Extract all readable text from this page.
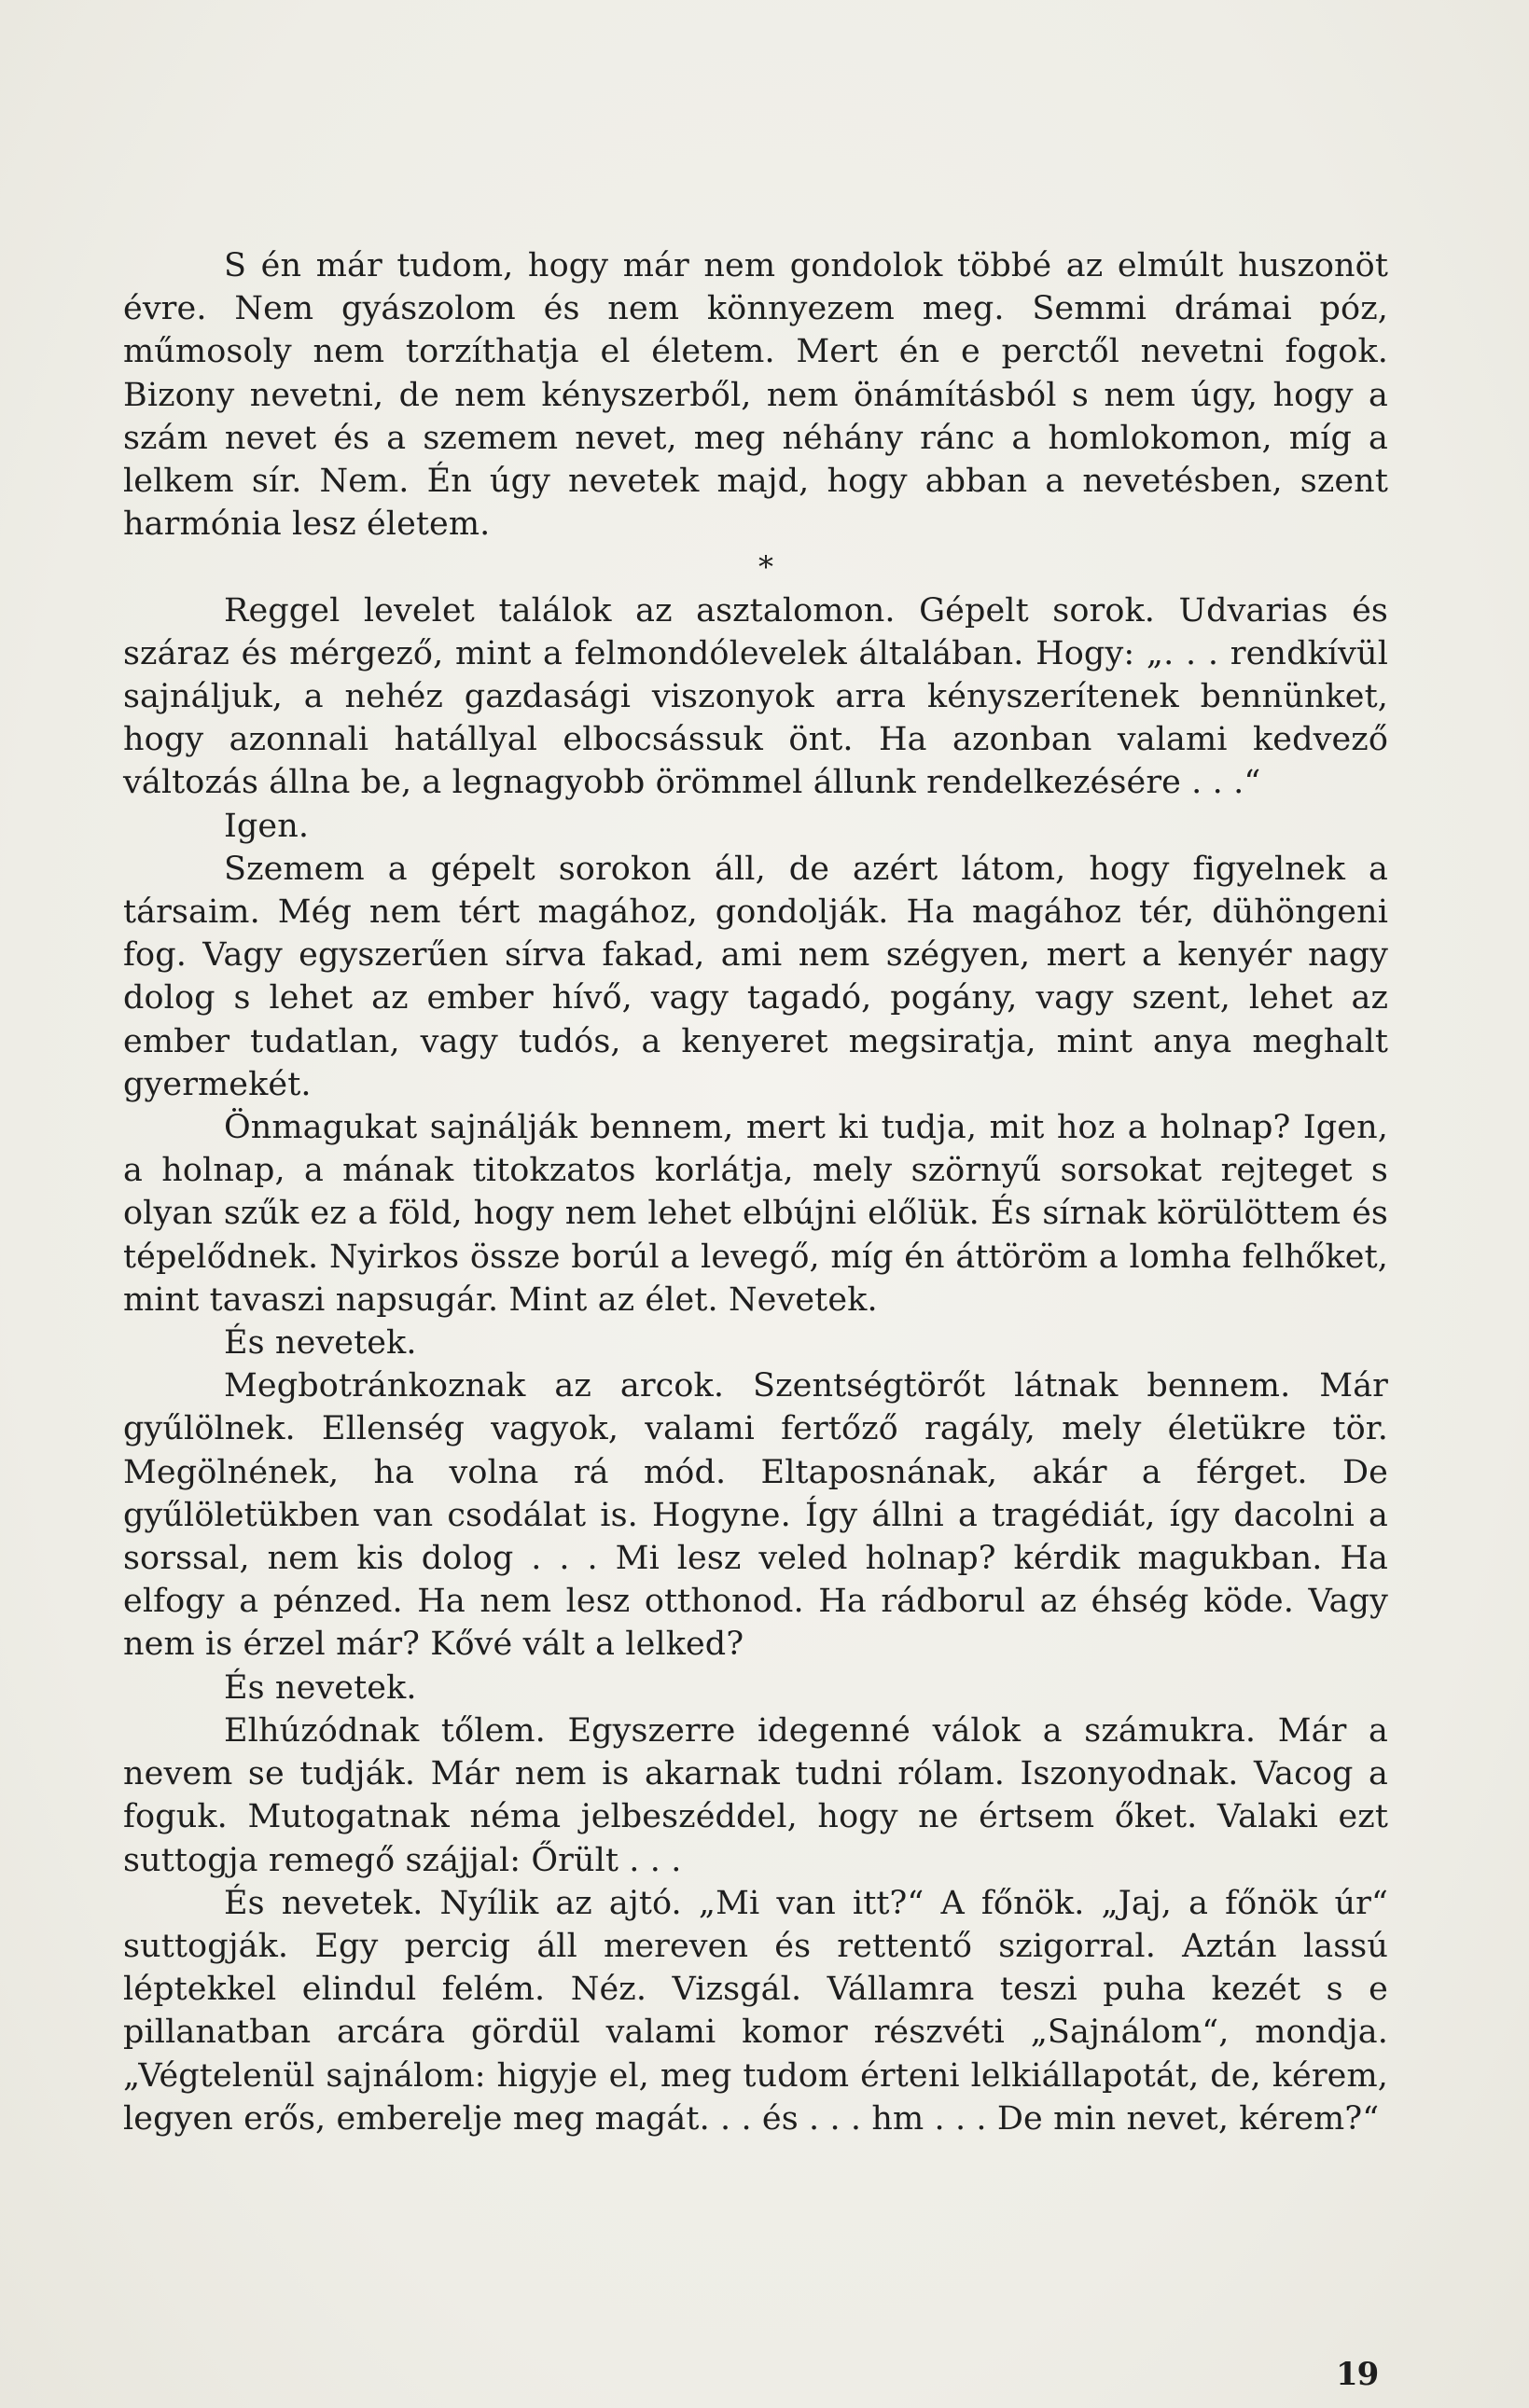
S én már tudom, hogy már nem gondolok többé az elmúlt huszonöt évre. Nem gyászolom és nem könnyezem meg. Semmi drámai póz, műmosoly nem torzíthatja el életem. Mert én e perctől nevetni fogok. Bizony nevetni, de nem kényszerből, nem önámításból s nem úgy, hogy a szám nevet és a szemem nevet, meg néhány ránc a homlokomon, míg a lelkem sír. Nem. Én úgy nevetek majd, hogy abban a nevetésben, szent harmónia lesz életem.

*

Reggel levelet találok az asztalomon. Gépelt sorok. Udvarias és száraz és mérgező, mint a felmondólevelek általában. Hogy: „. . . rendkívül sajnáljuk, a nehéz gazdasági viszonyok arra kényszerítenek bennünket, hogy azonnali hatállyal elbocsássuk önt. Ha azonban valami kedvező változás állna be, a legnagyobb örömmel állunk rendelkezésére . . .“

Igen.

Szemem a gépelt sorokon áll, de azért látom, hogy figyelnek a társaim. Még nem tért magához, gondolják. Ha magához tér, dühöngeni fog. Vagy egyszerűen sírva fakad, ami nem szégyen, mert a kenyér nagy dolog s lehet az ember hívő, vagy tagadó, pogány, vagy szent, lehet az ember tudatlan, vagy tudós, a kenyeret megsiratja, mint anya meghalt gyermekét.

Önmagukat sajnálják bennem, mert ki tudja, mit hoz a holnap? Igen, a holnap, a mának titokzatos korlátja, mely szörnyű sorsokat rejteget s olyan szűk ez a föld, hogy nem lehet elbújni előlük. És sírnak körülöttem és tépelődnek. Nyirkos össze borúl a levegő, míg én áttöröm a lomha felhőket, mint tavaszi napsugár. Mint az élet. Nevetek.

És nevetek.

Megbotránkoznak az arcok. Szentségtörőt látnak bennem. Már gyűlölnek. Ellenség vagyok, valami fertőző ragály, mely életükre tör. Megölnének, ha volna rá mód. Eltaposnának, akár a férget. De gyűlöletükben van csodálat is. Hogyne. Így állni a tragédiát, így dacolni a sorssal, nem kis dolog . . . Mi lesz veled holnap? kérdik magukban. Ha elfogy a pénzed. Ha nem lesz otthonod. Ha rádborul az éhség köde. Vagy nem is érzel már? Kővé vált a lelked?

És nevetek.

Elhúzódnak tőlem. Egyszerre idegenné válok a számukra. Már a nevem se tudják. Már nem is akarnak tudni rólam. Iszonyodnak. Vacog a foguk. Mutogatnak néma jelbeszéddel, hogy ne értsem őket. Valaki ezt suttogja remegő szájjal: Őrült . . .

És nevetek. Nyílik az ajtó. „Mi van itt?“ A főnök. „Jaj, a főnök úr“ suttogják. Egy percig áll mereven és rettentő szigorral. Aztán lassú léptekkel elindul felém. Néz. Vizsgál. Vállamra teszi puha kezét s e pillanatban arcára gördül valami komor részvéti „Sajnálom“, mondja. „Végtelenül sajnálom: higyje el, meg tudom érteni lelkiállapotát, de, kérem, legyen erős, emberelje meg magát. . . és . . . hm . . . De min nevet, kérem?“

19
